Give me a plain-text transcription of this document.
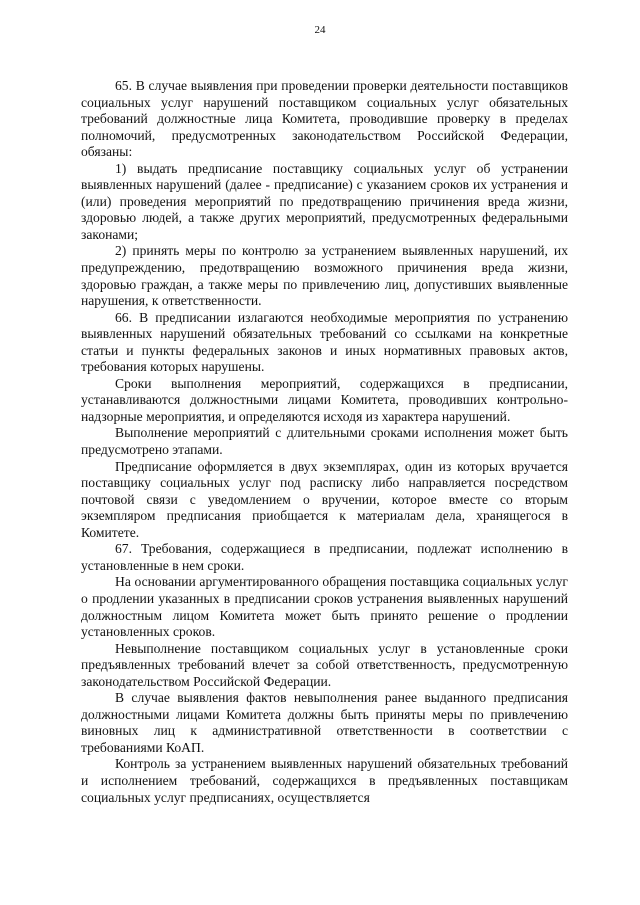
24

65. В случае выявления при проведении проверки деятельности поставщиков социальных услуг нарушений поставщиком социальных услуг обязательных требований должностные лица Комитета, проводившие проверку в пределах полномочий, предусмотренных законодательством Российской Федерации, обязаны:

1) выдать предписание поставщику социальных услуг об устранении выявленных нарушений (далее - предписание) с указанием сроков их устранения и (или) проведения мероприятий по предотвращению причинения вреда жизни, здоровью людей, а также других мероприятий, предусмотренных федеральными законами;

2) принять меры по контролю за устранением выявленных нарушений, их предупреждению, предотвращению возможного причинения вреда жизни, здоровью граждан, а также меры по привлечению лиц, допустивших выявленные нарушения, к ответственности.

66. В предписании излагаются необходимые мероприятия по устранению выявленных нарушений обязательных требований со ссылками на конкретные статьи и пункты федеральных законов и иных нормативных правовых актов, требования которых нарушены.

Сроки выполнения мероприятий, содержащихся в предписании, устанавливаются должностными лицами Комитета, проводивших контрольно-надзорные мероприятия, и определяются исходя из характера нарушений.

Выполнение мероприятий с длительными сроками исполнения может быть предусмотрено этапами.

Предписание оформляется в двух экземплярах, один из которых вручается поставщику социальных услуг под расписку либо направляется посредством почтовой связи с уведомлением о вручении, которое вместе со вторым экземпляром предписания приобщается к материалам дела, хранящегося в Комитете.

67. Требования, содержащиеся в предписании, подлежат исполнению в установленные в нем сроки.

На основании аргументированного обращения поставщика социальных услуг о продлении указанных в предписании сроков устранения выявленных нарушений должностным лицом Комитета может быть принято решение о продлении установленных сроков.

Невыполнение поставщиком социальных услуг в установленные сроки предъявленных требований влечет за собой ответственность, предусмотренную законодательством Российской Федерации.

В случае выявления фактов невыполнения ранее выданного предписания должностными лицами Комитета должны быть приняты меры по привлечению виновных лиц к административной ответственности в соответствии с требованиями КоАП.

Контроль за устранением выявленных нарушений обязательных требований и исполнением требований, содержащихся в предъявленных поставщикам социальных услуг предписаниях, осуществляется
